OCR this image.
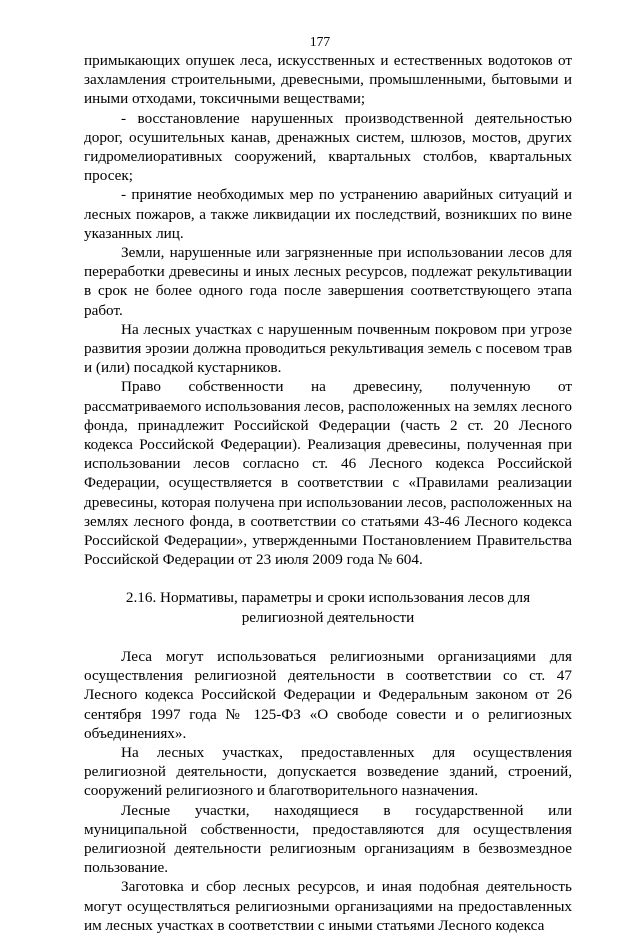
177

примыкающих опушек леса, искусственных и естественных водотоков от захламления строительными, древесными, промышленными, бытовыми и иными отходами, токсичными веществами;

- восстановление нарушенных производственной деятельностью дорог, осушительных канав, дренажных систем, шлюзов, мостов, других гидромелиоративных сооружений, квартальных столбов, квартальных просек;

- принятие необходимых мер по устранению аварийных ситуаций и лесных пожаров, а также ликвидации их последствий, возникших по вине указанных лиц.

Земли, нарушенные или загрязненные при использовании лесов для переработки древесины и иных лесных ресурсов, подлежат рекультивации в срок не более одного года после завершения соответствующего этапа работ.

На лесных участках с нарушенным почвенным покровом при угрозе развития эрозии должна проводиться рекультивация земель с посевом трав и (или) посадкой кустарников.

Право собственности на древесину, полученную от рассматриваемого использования лесов, расположенных на землях лесного фонда, принадлежит Российской Федерации (часть 2 ст. 20 Лесного кодекса Российской Федерации). Реализация древесины, полученная при использовании лесов согласно ст. 46 Лесного кодекса Российской Федерации, осуществляется в соответствии с «Правилами реализации древесины, которая получена при использовании лесов, расположенных на землях лесного фонда, в соответствии со статьями 43-46 Лесного кодекса Российской Федерации», утвержденными Постановлением Правительства Российской Федерации от 23 июля 2009 года № 604.

2.16. Нормативы, параметры и сроки использования лесов для религиозной деятельности

Леса могут использоваться религиозными организациями для осуществления религиозной деятельности в соответствии со ст. 47 Лесного кодекса Российской Федерации и Федеральным законом от 26 сентября 1997 года № 125-ФЗ «О свободе совести и о религиозных объединениях».

На лесных участках, предоставленных для осуществления религиозной деятельности, допускается возведение зданий, строений, сооружений религиозного и благотворительного назначения.

Лесные участки, находящиеся в государственной или муниципальной собственности, предоставляются для осуществления религиозной деятельности религиозным организациям в безвозмездное пользование.

Заготовка и сбор лесных ресурсов, и иная подобная деятельность могут осуществляться религиозными организациями на предоставленных им лесных участках в соответствии с иными статьями Лесного кодекса
